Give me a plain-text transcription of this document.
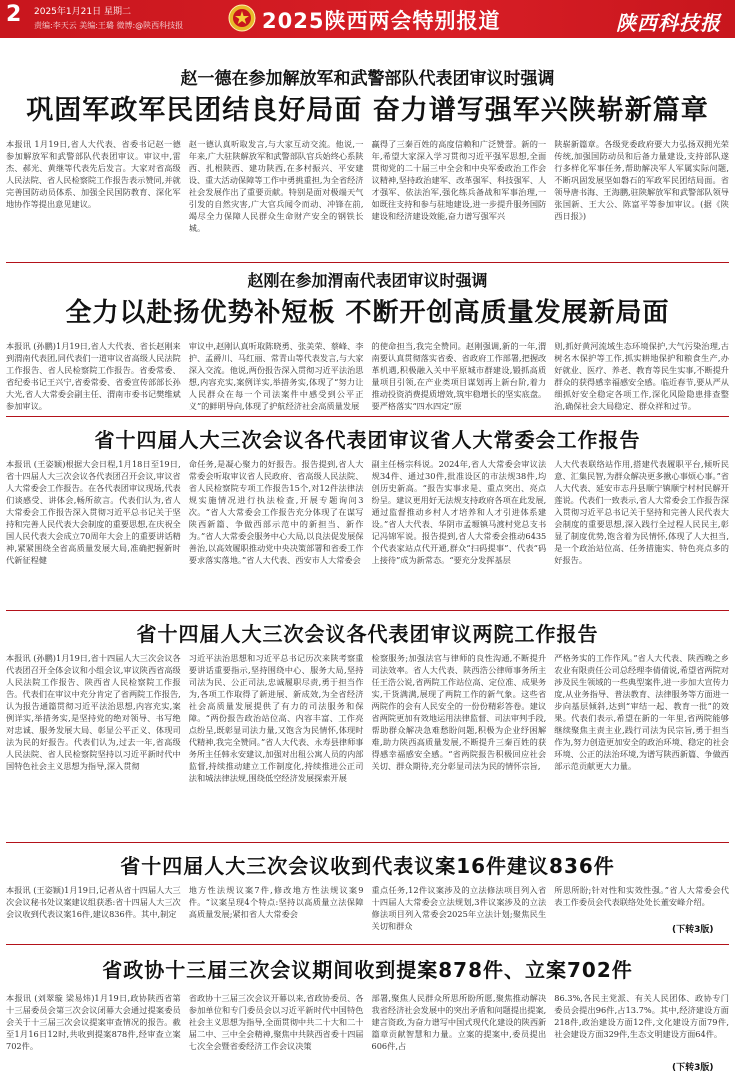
2 2025年1月21日 星期二
责编:李天云 美编:王璐 微博:@陕西科技报	2025陕西两会特别报道	陕西科技报
赵一德在参加解放军和武警部队代表团审议时强调
巩固军政军民团结良好局面 奋力谱写强军兴陕崭新篇章
本报讯 1月19日,省人大代表、省委书记赵一德参加解放军和武警部队代表团审议。审议中,雷杰、郝光、黄继等代表先后发言。大家对省高级人民法院、省人民检察院工作报告表示赞同,并就完善国防动员体系、加强全民国防教育、深化军地协作等提出意见建议。
赵一德认真听取发言,与大家互动交流。他说,一年来,广大驻陕解放军和武警部队官兵始终心系陕西、扎根陕西、建功陕西,在多村振兴、平安建设、重大活动保障等工作中勇挑重担,为全省经济社会发展作出了重要贡献。特别是面对极端天气引发的自然灾害,广大官兵闻令而动、冲锋在前,竭尽全力保障人民群众生命财产安全的钢铁长城。
赢得了三秦百姓的高度信赖和广泛赞誉。新的一年,希望大家深入学习贯彻习近平强军思想,全面贯彻党的二十届三中全会和中央军委政治工作会议精神,坚持政治建军、改革强军、科技强军、人才强军、依法治军,强化练兵备战和军事治理,一如既往支持和参与驻地建设,进一步提升服务国防建设和经济建设效能,奋力谱写强军兴
陕崭新篇章。各级党委政府要大力弘扬双拥光荣传统,加强国防动员和后备力量建设,支持部队遂行多样化军事任务,帮助解决军人军属实际问题,不断巩固发展坚如磐石的军政军民团结局面。省领导唐书海、王海鹏,驻陕解放军和武警部队领导张国新、王大公、陈富平等参加审议。(据《陕西日报》)
赵刚在参加渭南代表团审议时强调
全力以赴扬优势补短板 不断开创高质量发展新局面
本报讯 (孙鹏)1月19日,省人大代表、省长赵刚来到渭南代表团,同代表们一道审议省高级人民法院工作报告、省人民检察院工作报告。省委常委、省纪委书记王兴宁,省委常委、省委宣传部部长孙大光,省人大常委会副主任、渭南市委书记樊维斌参加审议。
审议中,赵刚认真听取陈晓勇、张美荣、蔡峰、李护、孟爵川、马红丽、常青山等代表发言,与大家深入交流。他说,两份报告深入贯彻习近平法治思想,内容充实,案例详实,举措务实,体现了“努力让人民群众在每一个司法案件中感受到公平正义”的鲜明导向,体现了护航经济社会高质量发展
的使命担当,我完全赞同。赵刚强调,新的一年,渭南要认真贯彻落实省委、省政府工作部署,把握改革机遇,积极融入关中平原城市群建设,锻抓高质量项目引领,在产业类项目谋划再上新台阶,着力推动投资消费提质增效,筑牢稳增长的坚实底盘。要严格落实“四水四定”原
则,抓好黄河流域生态环境保护,大气污染治理,古树名木保护等工作,抓实耕地保护和粮食生产,办好就业、医疗、养老、教育等民生实事,不断提升群众的获得感幸福感安全感。临近春节,要从严从细抓好安全稳定各项工作,深化风险隐患排查整治,确保社会大局稳定、群众祥和过节。
省十四届人大三次会议各代表团审议省人大常委会工作报告
本报讯 (王姿颖)根据大会日程,1月18日至19日,省十四届人大三次会议各代表团召开会议,审议省人大常委会工作报告。在各代表团审议现场,代表们谈感受、讲体会,畅所欲言。代表们认为,省人大常委会工作报告深入贯彻习近平总书记关于坚持和完善人民代表大会制度的重要思想,在庆祝全国人民代表大会成立70周年大会上的重要讲话精神,紧紧围绕全省高质量发展大局,准确把握新时代新征程健
命任务,是凝心聚力的好报告。报告提到,省人大常委会听取审议省人民政府、省高级人民法院、省人民检察院专项工作报告15个,对12件法律法规实施情况进行执法检查,开展专题询问3次。“省人大常委会工作报告充分体现了在谋写陕西新篇、争做西部示范中的新担当、新作为。”省人大常委会服务中心大局,以良法促发展保善治,以高效履职推动党中央决策部署和省委工作要求落实落地。”省人大代表、西安市人大常委会
副主任杨宗科说。2024年,省人大常委会审议法规34件、通过30件,批准设区的市法规38件,均创历史新高。“报告实事求是、重点突出、亮点纷呈。建议更用好无法规支持政府各项在此发展,通过监督推动乡村人才培养和人才引进体系建设。”省人大代表、华阴市孟塬镇马渡村党总支书记冯锦军说。报告提到,省人大常委会推动6435个代表家站点代开通,群众“扫码提事”、代表“码上接待”成为新常态。“要充分发挥基层
人大代表联络站作用,搭建代表履职平台,倾听民意、汇集民智,为群众解决更多揪心事烦心事。”省人大代表、延安市志丹县顺宁镇顺宁村村民解开莲说。代表们一致表示,省人大常委会工作报告深入贯彻习近平总书记关于坚持和完善人民代表大会制度的重要思想,深入践行全过程人民民主,彰显了制度优势,饱含着为民情怀,体现了人大担当,是一个政治站位高、任务措施实、特色亮点多的好报告。
省十四届人大三次会议各代表团审议两院工作报告
本报讯 (孙鹏)1月19日,省十四届人大三次会议各代表团召开全体会议和小组会议,审议陕西省高级人民法院工作报告、陕西省人民检察院工作报告。代表们在审议中充分肯定了省两院工作报告,认为报告通篇贯彻习近平法治思想,内容充实,案例详实,举措务实,是坚持党的绝对领导、书写绝对忠诚、服务发展大局、彰显公平正义、体现司法为民的好报告。代表们认为,过去一年,省高级人民法院、省人民检察院坚持以习近平新时代中国特色社会主义思想为指导,深入贯彻
习近平法治思想和习近平总书记历次来陕考察重要讲话重要指示,坚持围绕中心、服务大局,坚持司法为民、公正司法,忠诚履职尽责,勇于担当作为,各项工作取得了新进展、新成效,为全省经济社会高质量发展提供了有力的司法服务和保障。“两份报告政治站位高、内容丰富、工作亮点纷呈,既彰显司法力量,又饱含为民情怀,体现时代精神,我完全赞同。”省人大代表、永寿县律师事务所主任韩永安建议,加强对出租公寓人员的内部监督,持续推动建立工作制度化,持续推进公正司法和城法律法规,围绕低空经济发展探索开展
检察服务;加强法官与律师的良性沟通,不断提升司法效率。省人大代表、陕西浩公律师事务所主任王浩公说,省两院工作站位高、定位准、成果务实,干货满满,展现了两院工作的新气象。这些省两院作的会有人民安全的一份份精彩答卷。建议省两院更加有效地运用法律监督、司法审判手段,帮助群众解决急难愁盼问题,积极为企业纾困解难,助力陕西高质量发展,不断提升三秦百姓的获得感幸福感安全感。“省两院报告积极回应社会关切、群众期待,充分彰显司法为民的情怀宗旨,
严格务实的工作作风。”省人大代表、陕西晚之乡农业有限责任公司总经理李倩倩说,希望省两院对涉及民生领域的一些典型案件,进一步加大宣传力度,从业务指导、普法教育、法律服务等方面进一步向基层倾斜,达到“审结一起、教育一批”的效果。代表们表示,希望在新的一年里,省两院能够继续聚焦主责主业,践行司法为民宗旨,勇于担当作为,努力创造更加安全的政治环境、稳定的社会环境、公正的法治环境,为谱写陕西新篇、争做西部示范贡献更大力量。
省十四届人大三次会议收到代表议案16件建议836件
本报讯 (王姿颖)1月19日,记者从省十四届人大三次会议秘书处议案建议组获悉:省十四届人大三次会议收到代表议案16件,建议836件。其中,制定
地方性法规议案7件,修改地方性法规议案9件。“议案呈现4个特点:坚持以高质量立法保障高质量发展;紧扣省人大常委会
重点任务,12件议案涉及的立法修法项目列入省十四届人大常委会立法规划,3件议案涉及的立法修法项目列入常委会2025年立法计划;聚焦民生关切和群众
所思所盼;针对性和实效性强。”省人大常委会代表工作委员会代表联络处处长董安峰介绍。
(下转3版)
省政协十三届三次会议期间收到提案878件、立案702件
本报讯 (刘翠璇 梁易炜)1月19日,政协陕西省第十三届委员会第三次会议闭幕大会通过提案委员会关于十三届三次会议提案审查情况的报告。截至1月16日12时,共收到提案878件,经审查立案702件。
省政协十三届三次会议开幕以来,省政协委员、各参加单位和专门委员会以习近平新时代中国特色社会主义思想为指导,全面贯彻中共二十大和二十届二中、三中全会精神,聚焦中共陕西省委十四届七次全会暨省委经济工作会议决策
部署,聚焦人民群众所思所盼所愿,聚焦推动解决我省经济社会发展中的突出矛盾和问题提出提案,建言资政,为奋力谱写中国式现代化建设的陕西新篇章贡献智慧和力量。立案的提案中,委员提出606件,占
86.3%,各民主党派、有关人民团体、政协专门委员会提出96件,占13.7%。其中,经济建设方面218件,政治建设方面12件,文化建设方面79件,社会建设方面329件,生态文明建设方面64件。
(下转3版)
